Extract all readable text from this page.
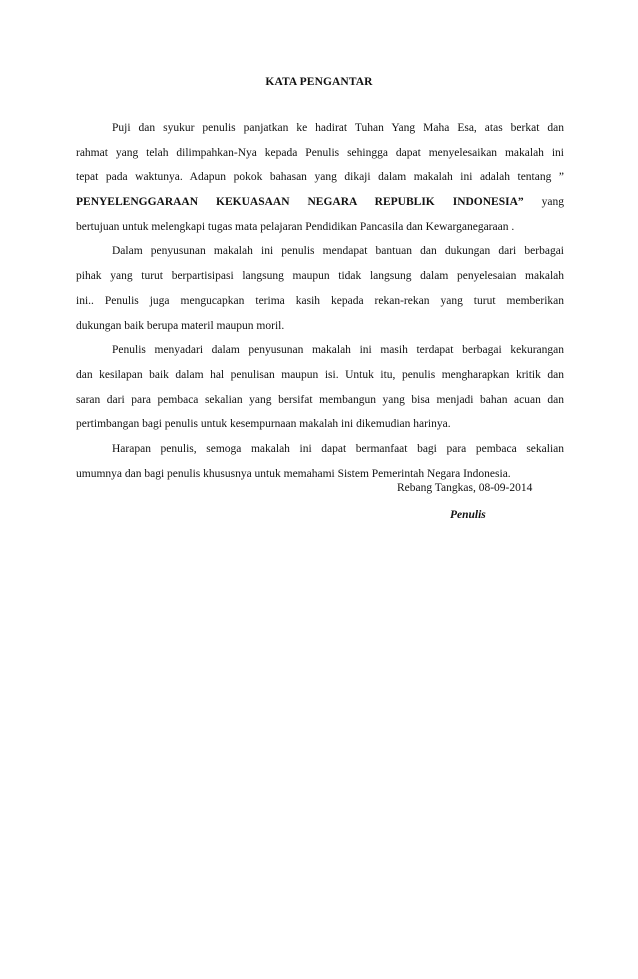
KATA PENGANTAR
Puji dan syukur penulis panjatkan ke hadirat Tuhan Yang Maha Esa, atas berkat dan
rahmat yang telah dilimpahkan-Nya kepada Penulis sehingga dapat menyelesaikan makalah ini
tepat pada waktunya. Adapun pokok bahasan yang dikaji dalam makalah ini adalah tentang ”
PENYELENGGARAAN KEKUASAAN NEGARA REPUBLIK INDONESIA” yang
bertujuan untuk melengkapi tugas mata pelajaran Pendidikan Pancasila dan Kewarganegaraan .
Dalam penyusunan makalah ini penulis mendapat bantuan dan dukungan dari berbagai
pihak yang turut berpartisipasi langsung maupun tidak langsung dalam penyelesaian makalah
ini.. Penulis juga mengucapkan terima kasih kepada rekan-rekan yang turut memberikan
dukungan baik berupa materil maupun moril.
Penulis menyadari dalam penyusunan makalah ini masih terdapat berbagai kekurangan
dan kesilapan baik dalam hal penulisan maupun isi. Untuk itu, penulis mengharapkan kritik dan
saran dari para pembaca sekalian yang bersifat membangun yang bisa menjadi bahan acuan dan
pertimbangan bagi penulis untuk kesempurnaan makalah ini dikemudian harinya.
Harapan penulis, semoga makalah ini dapat bermanfaat bagi para pembaca sekalian
umumnya dan bagi penulis khususnya untuk memahami Sistem Pemerintah Negara Indonesia.
Rebang Tangkas, 08-09-2014
Penulis
